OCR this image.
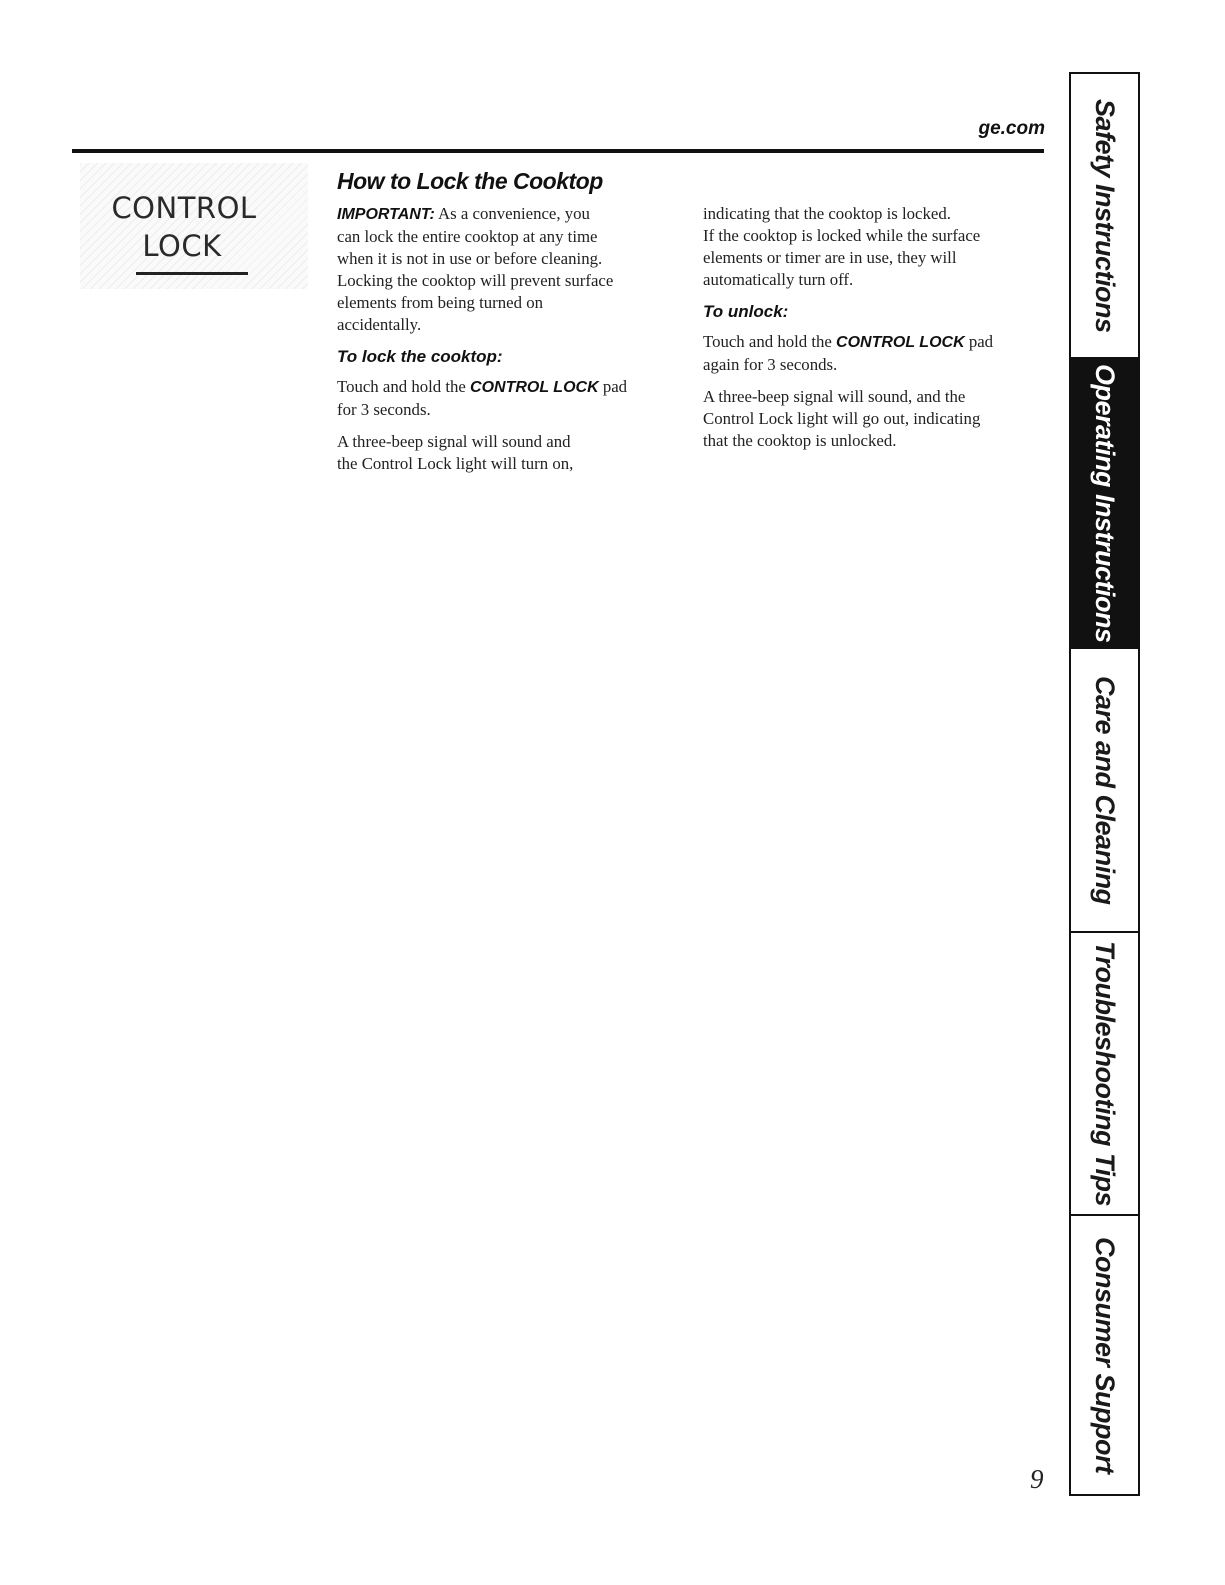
ge.com
CONTROL
LOCK
How to Lock the Cooktop

IMPORTANT: As a convenience, you
can lock the entire cooktop at any time
when it is not in use or before cleaning.
Locking the cooktop will prevent surface
elements from being turned on
accidentally.

To lock the cooktop:

Touch and hold the CONTROL LOCK pad
for 3 seconds.

A three-beep signal will sound and
the Control Lock light will turn on,

indicating that the cooktop is locked.
If the cooktop is locked while the surface
elements or timer are in use, they will
automatically turn off.

To unlock:

Touch and hold the CONTROL LOCK pad
again for 3 seconds.

A three-beep signal will sound, and the
Control Lock light will go out, indicating
that the cooktop is unlocked.

9
Safety Instructions
Operating Instructions
Care and Cleaning
Troubleshooting Tips
Consumer Support
